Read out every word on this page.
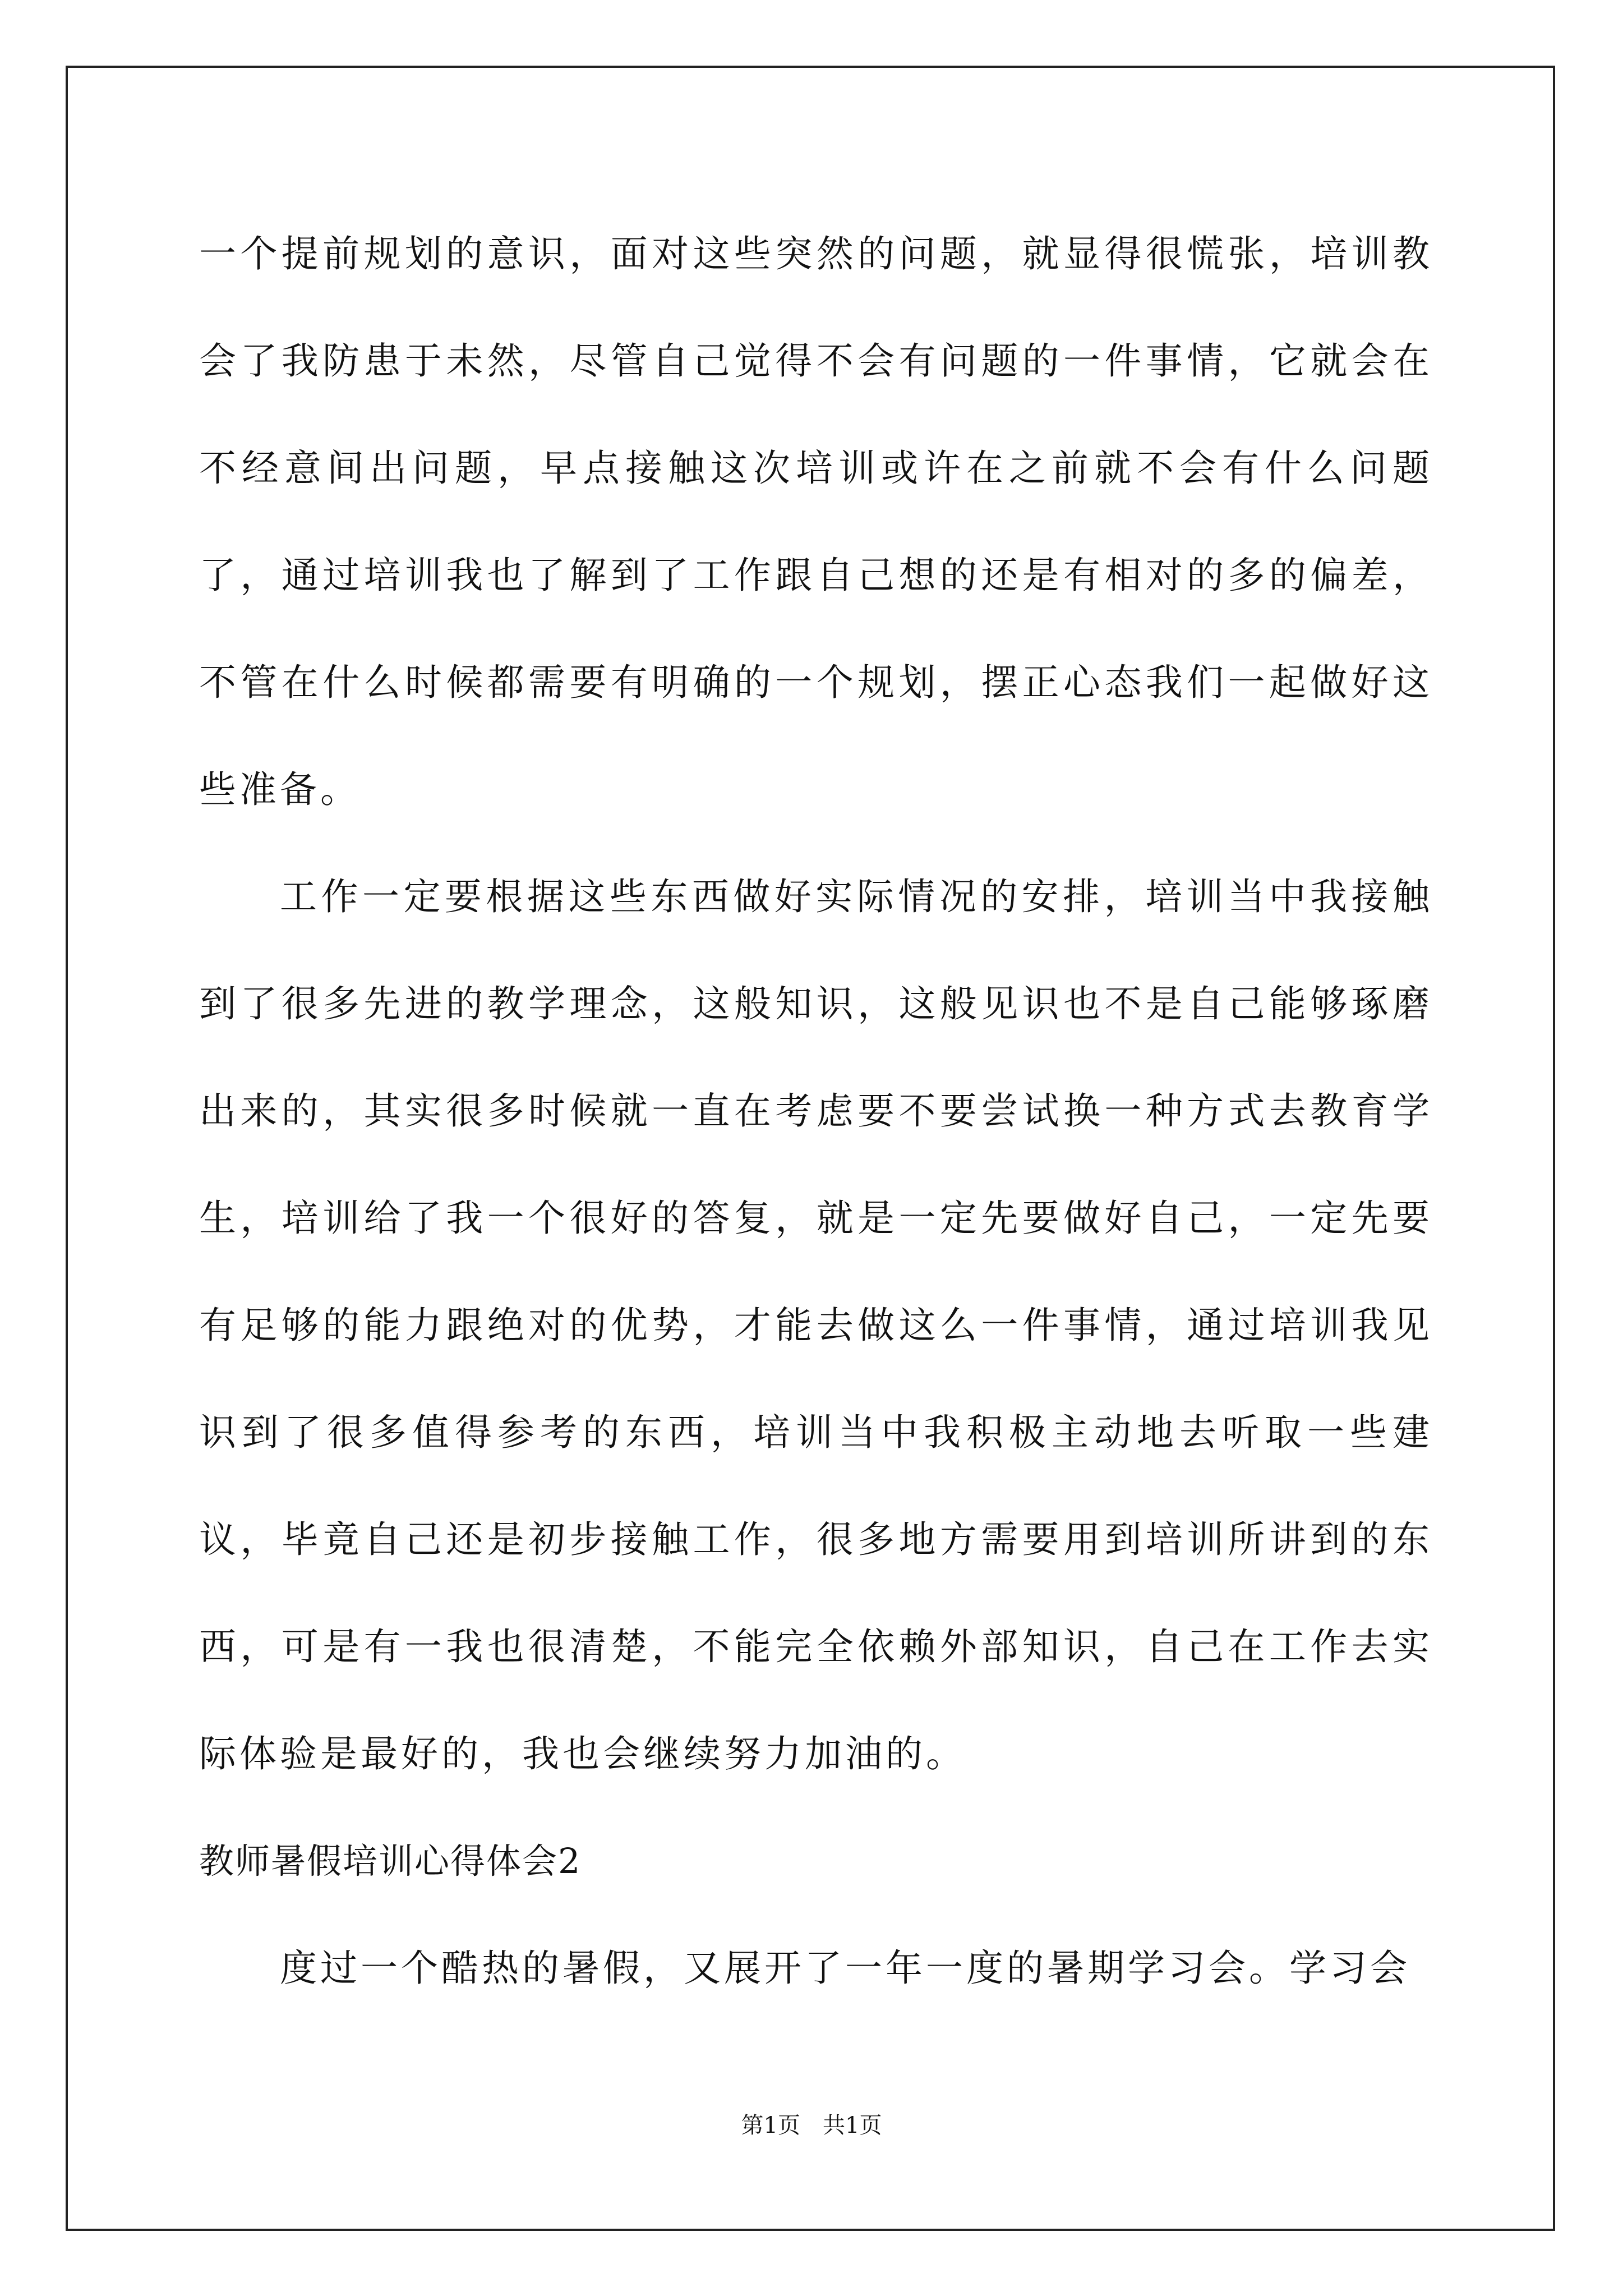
一个提前规划的意识，面对这些突然的问题，就显得很慌张，培训教会了我防患于未然，尽管自己觉得不会有问题的一件事情，它就会在不经意间出问题，早点接触这次培训或许在之前就不会有什么问题了，通过培训我也了解到了工作跟自己想的还是有相对的多的偏差，不管在什么时候都需要有明确的一个规划，摆正心态我们一起做好这些准备。

工作一定要根据这些东西做好实际情况的安排，培训当中我接触到了很多先进的教学理念，这般知识，这般见识也不是自己能够琢磨出来的，其实很多时候就一直在考虑要不要尝试换一种方式去教育学生，培训给了我一个很好的答复，就是一定先要做好自己，一定先要有足够的能力跟绝对的优势，才能去做这么一件事情，通过培训我见识到了很多值得参考的东西，培训当中我积极主动地去听取一些建议，毕竟自己还是初步接触工作，很多地方需要用到培训所讲到的东西，可是有一我也很清楚，不能完全依赖外部知识，自己在工作去实际体验是最好的，我也会继续努力加油的。

教师暑假培训心得体会2

度过一个酷热的暑假，又展开了一年一度的暑期学习会。学习会

第1页　共1页
